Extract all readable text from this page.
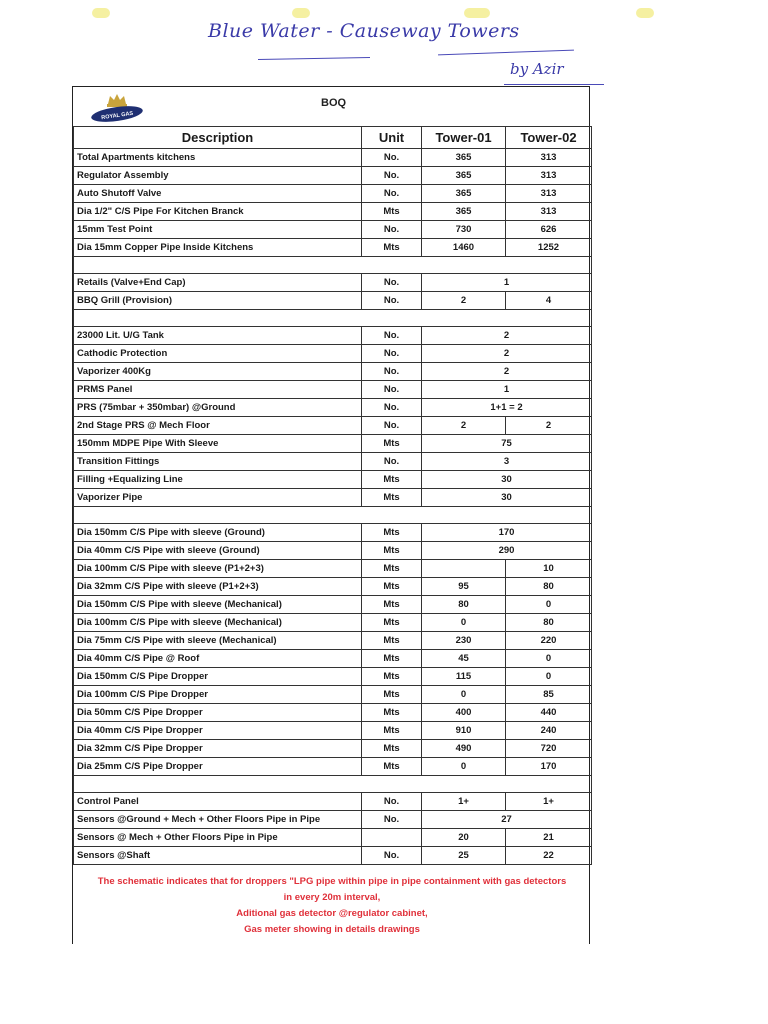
Blue Water - Causeway Towers
by Azir
ROYAL GAS
BOQ
Description	Unit	Tower-01	Tower-02
Total Apartments kitchens	No.	365	313
Regulator Assembly	No.	365	313
Auto Shutoff Valve	No.	365	313
Dia 1/2" C/S Pipe For Kitchen Branck	Mts	365	313
15mm Test Point	No.	730	626
Dia 15mm Copper Pipe Inside Kitchens	Mts	1460	1252

Retails (Valve+End Cap)	No.	1	
BBQ Grill (Provision)	No.	2	4

23000 Lit. U/G Tank	No.	2	
Cathodic Protection	No.	2	
Vaporizer 400Kg	No.	2	
PRMS Panel	No.	1	
PRS (75mbar + 350mbar) @Ground	No.	1+1 = 2	
2nd Stage PRS @ Mech Floor	No.	2	2
150mm MDPE Pipe With Sleeve	Mts	75	
Transition Fittings	No.	3	
Filling +Equalizing Line	Mts	30	
Vaporizer Pipe	Mts	30	

Dia 150mm C/S Pipe with sleeve (Ground)	Mts	170	
Dia 40mm C/S Pipe with sleeve (Ground)	Mts	290	
Dia 100mm C/S Pipe with sleeve (P1+2+3)	Mts		10
Dia 32mm C/S Pipe with sleeve (P1+2+3)	Mts	95	80
Dia 150mm C/S Pipe with sleeve (Mechanical)	Mts	80	0
Dia 100mm C/S Pipe with sleeve (Mechanical)	Mts	0	80
Dia 75mm C/S Pipe with sleeve (Mechanical)	Mts	230	220
Dia 40mm C/S Pipe @ Roof	Mts	45	0
Dia 150mm C/S Pipe Dropper	Mts	115	0
Dia 100mm C/S Pipe Dropper	Mts	0	85
Dia 50mm C/S Pipe Dropper	Mts	400	440
Dia 40mm C/S Pipe Dropper	Mts	910	240
Dia 32mm C/S Pipe Dropper	Mts	490	720
Dia 25mm C/S Pipe Dropper	Mts	0	170

Control Panel	No.	1+	1+
Sensors @Ground + Mech + Other Floors Pipe in Pipe	No.	27	
Sensors @ Mech + Other Floors Pipe in Pipe		20	21
Sensors @Shaft	No.	25	22
The schematic indicates that for droppers "LPG pipe within pipe in pipe containment with gas detectors
in every 20m interval,
Aditional gas detector @regulator cabinet,
Gas meter showing in details drawings
